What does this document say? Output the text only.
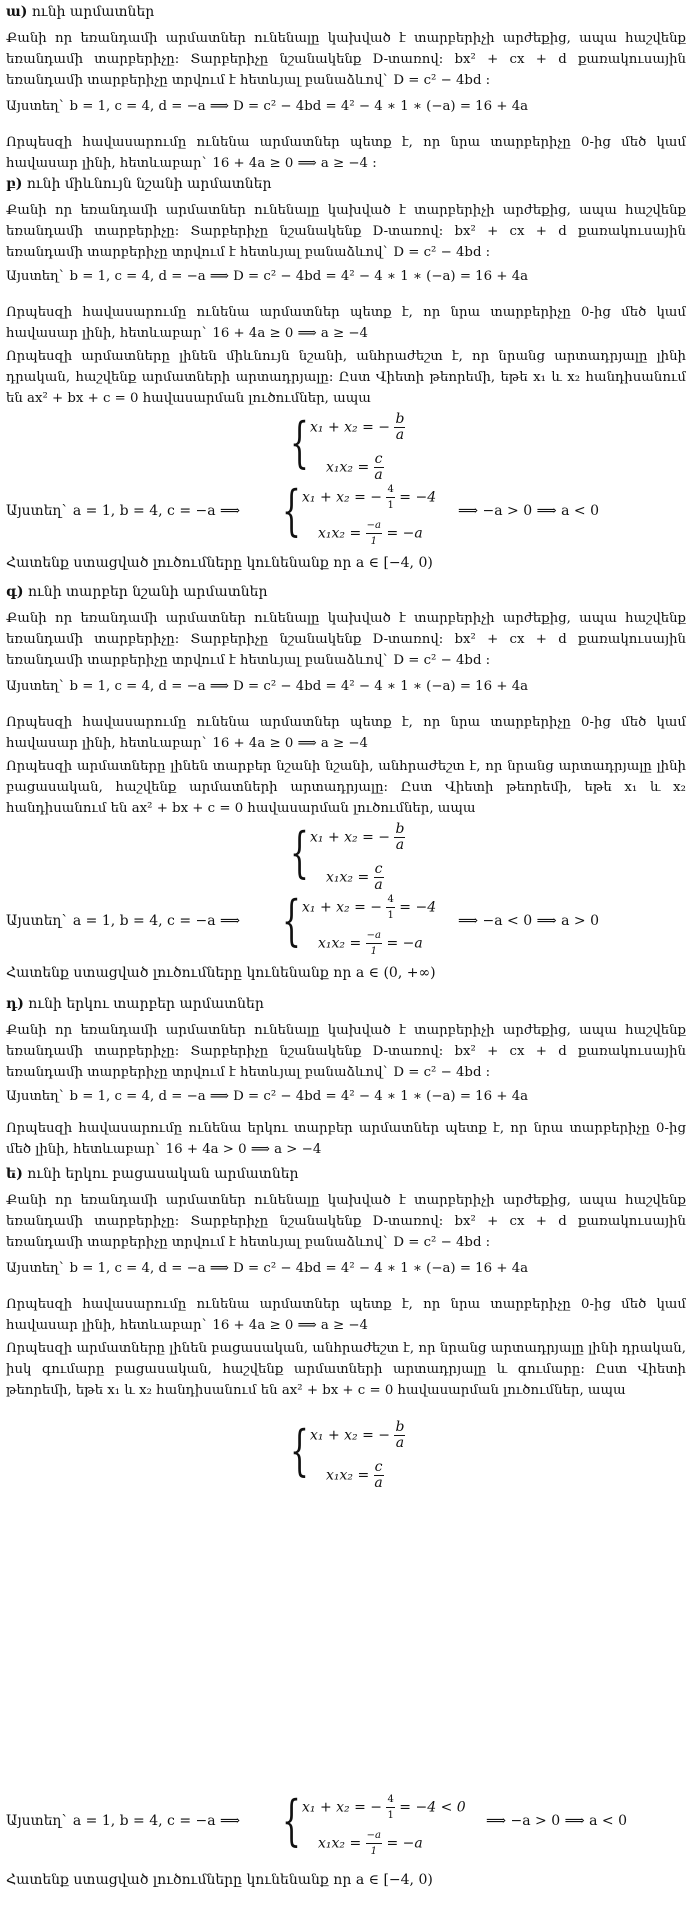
ա) ունի արմատներ
Քանի որ եռանդամի արմատներ ունենալը կախված է տարբերիչի արժեքից, ապա հաշվենք եռանդամի տարբերիչը: Տարբերիչը նշանակենք D-տառով: bx² + cx + d քառակուսային եռանդամի տարբերիչը տրվում է հետևյալ բանաձևով` D = c² − 4bd :
Այստեղ` b = 1, c = 4, d = −a ⟹ D = c² − 4bd = 4² − 4 ∗ 1 ∗ (−a) = 16 + 4a
Որպեսզի հավասարումը ունենա արմատներ պետք է, որ նրա տարբերիչը 0-ից մեծ կամ հավասար լինի, հետևաբար` 16 + 4a ≥ 0 ⟹ a ≥ −4 :
բ) ունի միևնույն նշանի արմատներ
Քանի որ եռանդամի արմատներ ունենալը կախված է տարբերիչի արժեքից, ապա հաշվենք եռանդամի տարբերիչը: Տարբերիչը նշանակենք D-տառով: bx² + cx + d քառակուսային եռանդամի տարբերիչը տրվում է հետևյալ բանաձևով` D = c² − 4bd :
Այստեղ` b = 1, c = 4, d = −a ⟹ D = c² − 4bd = 4² − 4 ∗ 1 ∗ (−a) = 16 + 4a
Որպեսզի հավասարումը ունենա արմատներ պետք է, որ նրա տարբերիչը 0-ից մեծ կամ հավասար լինի, հետևաբար` 16 + 4a ≥ 0 ⟹ a ≥ −4
Որպեսզի արմատները լինեն միևնույն նշանի, անհրաժեշտ է, որ նրանց արտադրյալը լինի դրական, հաշվենք արմատների արտադրյալը: Ըստ Վիետի թեորեմի, եթե x₁ և x₂ հանդիսանում են ax² + bx + c = 0 հավասարման լուծումներ, ապա
{ x₁ + x₂ = − $\frac{b}{a}$
$x_1x_2 = \frac{c}{a}$
Այստեղ` a = 1, b = 4, c = −a ⟹ { x₁ + x₂ = − $\frac{4}{1} = -4$
$x_1x_2 = \frac{-a}{1} = -a$
⟹ −a > 0 ⟹ a < 0
Հատենք ստացված լուծումները կունենանք որ a ∈ [−4, 0)
գ) ունի տարբեր նշանի արմատներ
Քանի որ եռանդամի արմատներ ունենալը կախված է տարբերիչի արժեքից, ապա հաշվենք եռանդամի տարբերիչը: Տարբերիչը նշանակենք D-տառով: bx² + cx + d քառակուսային եռանդամի տարբերիչը տրվում է հետևյալ բանաձևով` D = c² − 4bd :
Այստեղ` b = 1, c = 4, d = −a ⟹ D = c² − 4bd = 4² − 4 ∗ 1 ∗ (−a) = 16 + 4a
Որպեսզի հավասարումը ունենա արմատներ պետք է, որ նրա տարբերիչը 0-ից մեծ կամ հավասար լինի, հետևաբար` 16 + 4a ≥ 0 ⟹ a ≥ −4
Որպեսզի արմատները լինեն տարբեր նշանի նշանի, անհրաժեշտ է, որ նրանց արտադրյալը լինի բացասական, հաշվենք արմատների արտադրյալը: Ըստ Վիետի թեորեմի, եթե x₁ և x₂ հանդիսանում են ax² + bx + c = 0 հավասարման լուծումներ, ապա
{ x₁ + x₂ = − $\frac{b}{a}$
$x_1x_2 = \frac{c}{a}$
Այստեղ` a = 1, b = 4, c = −a ⟹ { x₁ + x₂ = − $\frac{4}{1} = -4$
$x_1x_2 = \frac{-a}{1} = -a$
⟹ −a < 0 ⟹ a > 0
Հատենք ստացված լուծումները կունենանք որ a ∈ (0, +∞)
դ) ունի երկու տարբեր արմատներ
Քանի որ եռանդամի արմատներ ունենալը կախված է տարբերիչի արժեքից, ապա հաշվենք եռանդամի տարբերիչը: Տարբերիչը նշանակենք D-տառով: bx² + cx + d քառակուսային եռանդամի տարբերիչը տրվում է հետևյալ բանաձևով` D = c² − 4bd :
Այստեղ` b = 1, c = 4, d = −a ⟹ D = c² − 4bd = 4² − 4 ∗ 1 ∗ (−a) = 16 + 4a
Որպեսզի հավասարումը ունենա երկու տարբեր արմատներ պետք է, որ նրա տարբերիչը 0-ից մեծ լինի, հետևաբար` 16 + 4a > 0 ⟹ a > −4
ե) ունի երկու բացասական արմատներ
Քանի որ եռանդամի արմատներ ունենալը կախված է տարբերիչի արժեքից, ապա հաշվենք եռանդամի տարբերիչը: Տարբերիչը նշանակենք D-տառով: bx² + cx + d քառակուսային եռանդամի տարբերիչը տրվում է հետևյալ բանաձևով` D = c² − 4bd :
Այստեղ` b = 1, c = 4, d = −a ⟹ D = c² − 4bd = 4² − 4 ∗ 1 ∗ (−a) = 16 + 4a
Որպեսզի հավասարումը ունենա արմատներ պետք է, որ նրա տարբերիչը 0-ից մեծ կամ հավասար լինի, հետևաբար` 16 + 4a ≥ 0 ⟹ a ≥ −4
Որպեսզի արմատները լինեն բացասական, անհրաժեշտ է, որ նրանց արտադրյալը լինի դրական, իսկ գումարը բացասական, հաշվենք արմատների արտադրյալը և գումարը: Ըստ Վիետի թեորեմի, եթե x₁ և x₂ հանդիսանում են ax² + bx + c = 0 հավասարման լուծումներ, ապա
{ x₁ + x₂ = − $\frac{b}{a}$
$x_1x_2 = \frac{c}{a}$
Այստեղ` a = 1, b = 4, c = −a ⟹ { x₁ + x₂ = − $\frac{4}{1} = -4 < 0$
$x_1x_2 = \frac{-a}{1} = -a$
⟹ −a > 0 ⟹ a < 0
Հատենք ստացված լուծումները կունենանք որ a ∈ [−4, 0)
